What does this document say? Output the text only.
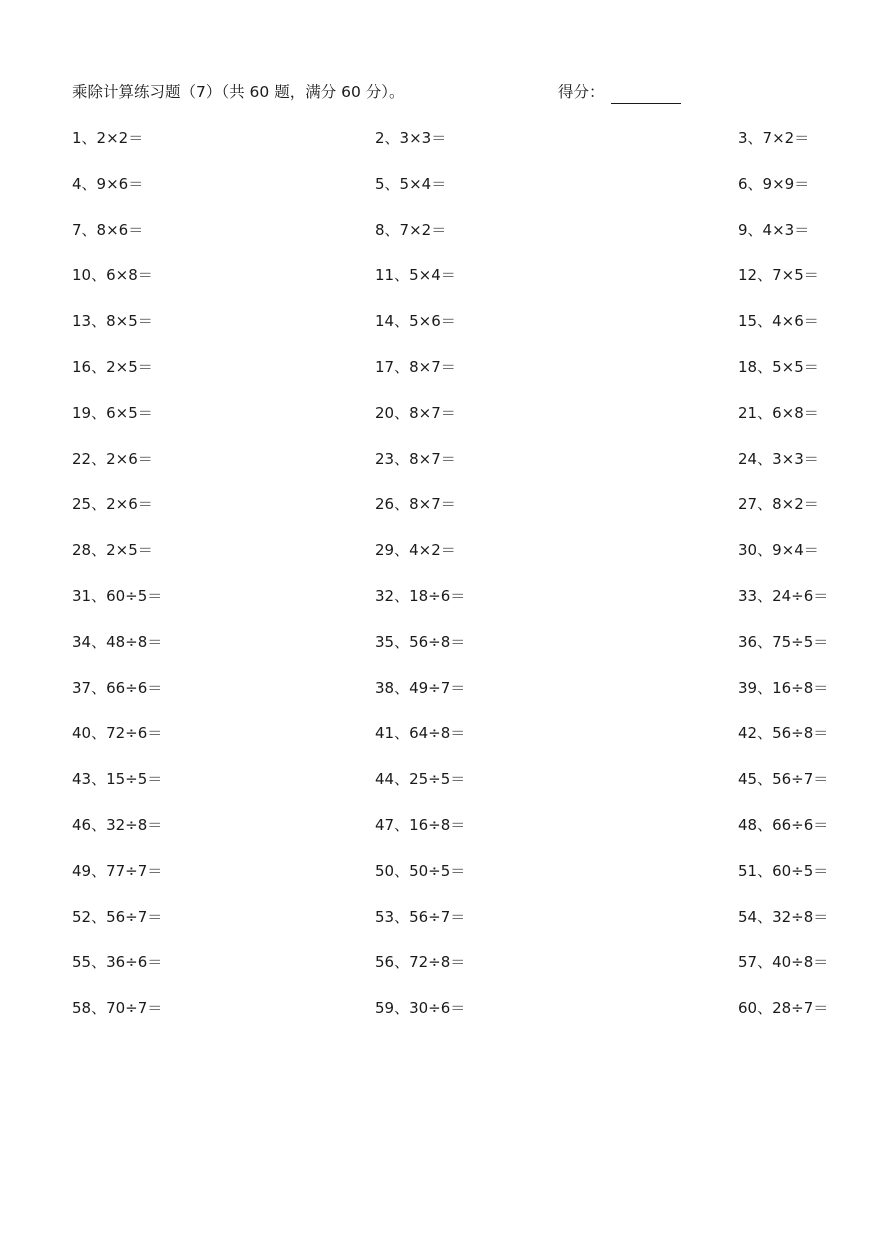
乘除计算练习题（7）（共 60 题，满分 60 分）。	得分：
1、2×2＝	2、3×3＝	3、7×2＝
4、9×6＝	5、5×4＝	6、9×9＝
7、8×6＝	8、7×2＝	9、4×3＝
10、6×8＝	11、5×4＝	12、7×5＝
13、8×5＝	14、5×6＝	15、4×6＝
16、2×5＝	17、8×7＝	18、5×5＝
19、6×5＝	20、8×7＝	21、6×8＝
22、2×6＝	23、8×7＝	24、3×3＝
25、2×6＝	26、8×7＝	27、8×2＝
28、2×5＝	29、4×2＝	30、9×4＝
31、60÷5＝	32、18÷6＝	33、24÷6＝
34、48÷8＝	35、56÷8＝	36、75÷5＝
37、66÷6＝	38、49÷7＝	39、16÷8＝
40、72÷6＝	41、64÷8＝	42、56÷8＝
43、15÷5＝	44、25÷5＝	45、56÷7＝
46、32÷8＝	47、16÷8＝	48、66÷6＝
49、77÷7＝	50、50÷5＝	51、60÷5＝
52、56÷7＝	53、56÷7＝	54、32÷8＝
55、36÷6＝	56、72÷8＝	57、40÷8＝
58、70÷7＝	59、30÷6＝	60、28÷7＝
